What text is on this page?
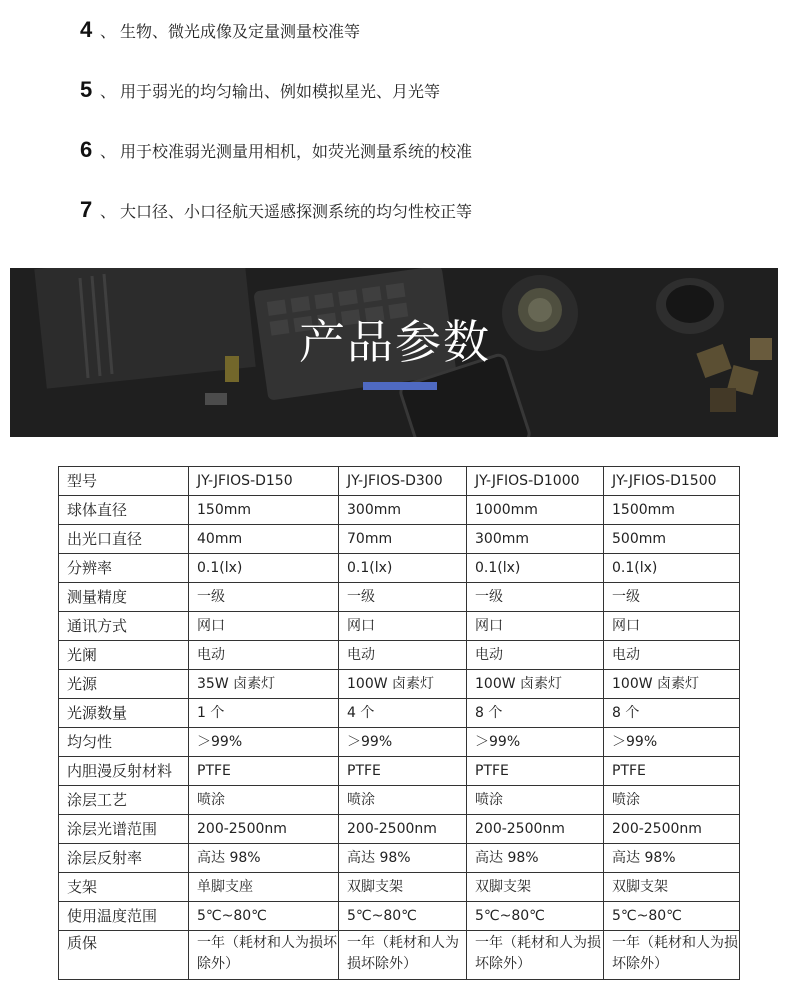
4 、 生物、微光成像及定量测量校准等
5 、 用于弱光的均匀输出、例如模拟星光、月光等
6 、 用于校准弱光测量用相机，如荧光测量系统的校准
7 、 大口径、小口径航天遥感探测系统的均匀性校正等
产品参数
型号	JY-JFIOS-D150	JY-JFIOS-D300	JY-JFIOS-D1000	JY-JFIOS-D1500
球体直径	150mm	300mm	1000mm	1500mm
出光口直径	40mm	70mm	300mm	500mm
分辨率	0.1(lx)	0.1(lx)	0.1(lx)	0.1(lx)
测量精度	一级	一级	一级	一级
通讯方式	网口	网口	网口	网口
光阑	电动	电动	电动	电动
光源	35W 卤素灯	100W 卤素灯	100W 卤素灯	100W 卤素灯
光源数量	1 个	4 个	8 个	8 个
均匀性	＞99%	＞99%	＞99%	＞99%
内胆漫反射材料	PTFE	PTFE	PTFE	PTFE
涂层工艺	喷涂	喷涂	喷涂	喷涂
涂层光谱范围	200-2500nm	200-2500nm	200-2500nm	200-2500nm
涂层反射率	高达 98%	高达 98%	高达 98%	高达 98%
支架	单脚支座	双脚支架	双脚支架	双脚支架
使用温度范围	5℃~80℃	5℃~80℃	5℃~80℃	5℃~80℃
质保	一年（耗材和人为损坏除外）	一年（耗材和人为损坏除外）	一年（耗材和人为损坏除外）	一年（耗材和人为损坏除外）
